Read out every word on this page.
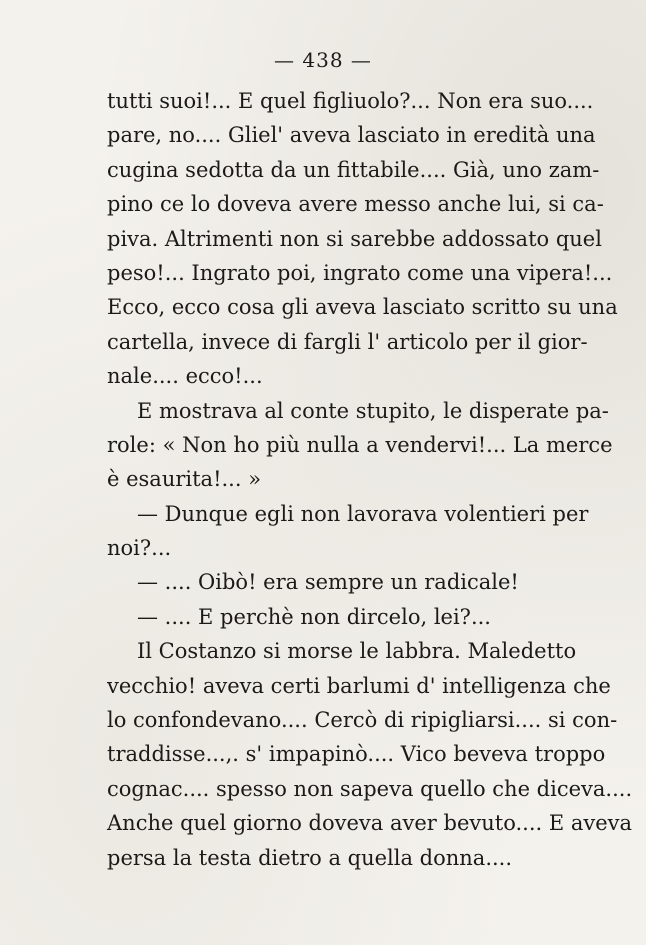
— 438 —
tutti suoi!... E quel figliuolo?... Non era suo....
pare, no.... Gliel' aveva lasciato in eredità una
cugina sedotta da un fittabile.... Già, uno zam-
pino ce lo doveva avere messo anche lui, si ca-
piva. Altrimenti non si sarebbe addossato quel
peso!... Ingrato poi, ingrato come una vipera!...
Ecco, ecco cosa gli aveva lasciato scritto su una
cartella, invece di fargli l' articolo per il gior-
nale.... ecco!...
E mostrava al conte stupito, le disperate pa-
role: « Non ho più nulla a vendervi!... La merce
è esaurita!... »
— Dunque egli non lavorava volentieri per
noi?...
— .... Oibò! era sempre un radicale!
— .... E perchè non dircelo, lei?...
Il Costanzo si morse le labbra. Maledetto
vecchio! aveva certi barlumi d' intelligenza che
lo confondevano.... Cercò di ripigliarsi.... si con-
traddisse...,. s' impapinò.... Vico beveva troppo
cognac.... spesso non sapeva quello che diceva....
Anche quel giorno doveva aver bevuto.... E aveva
persa la testa dietro a quella donna....
